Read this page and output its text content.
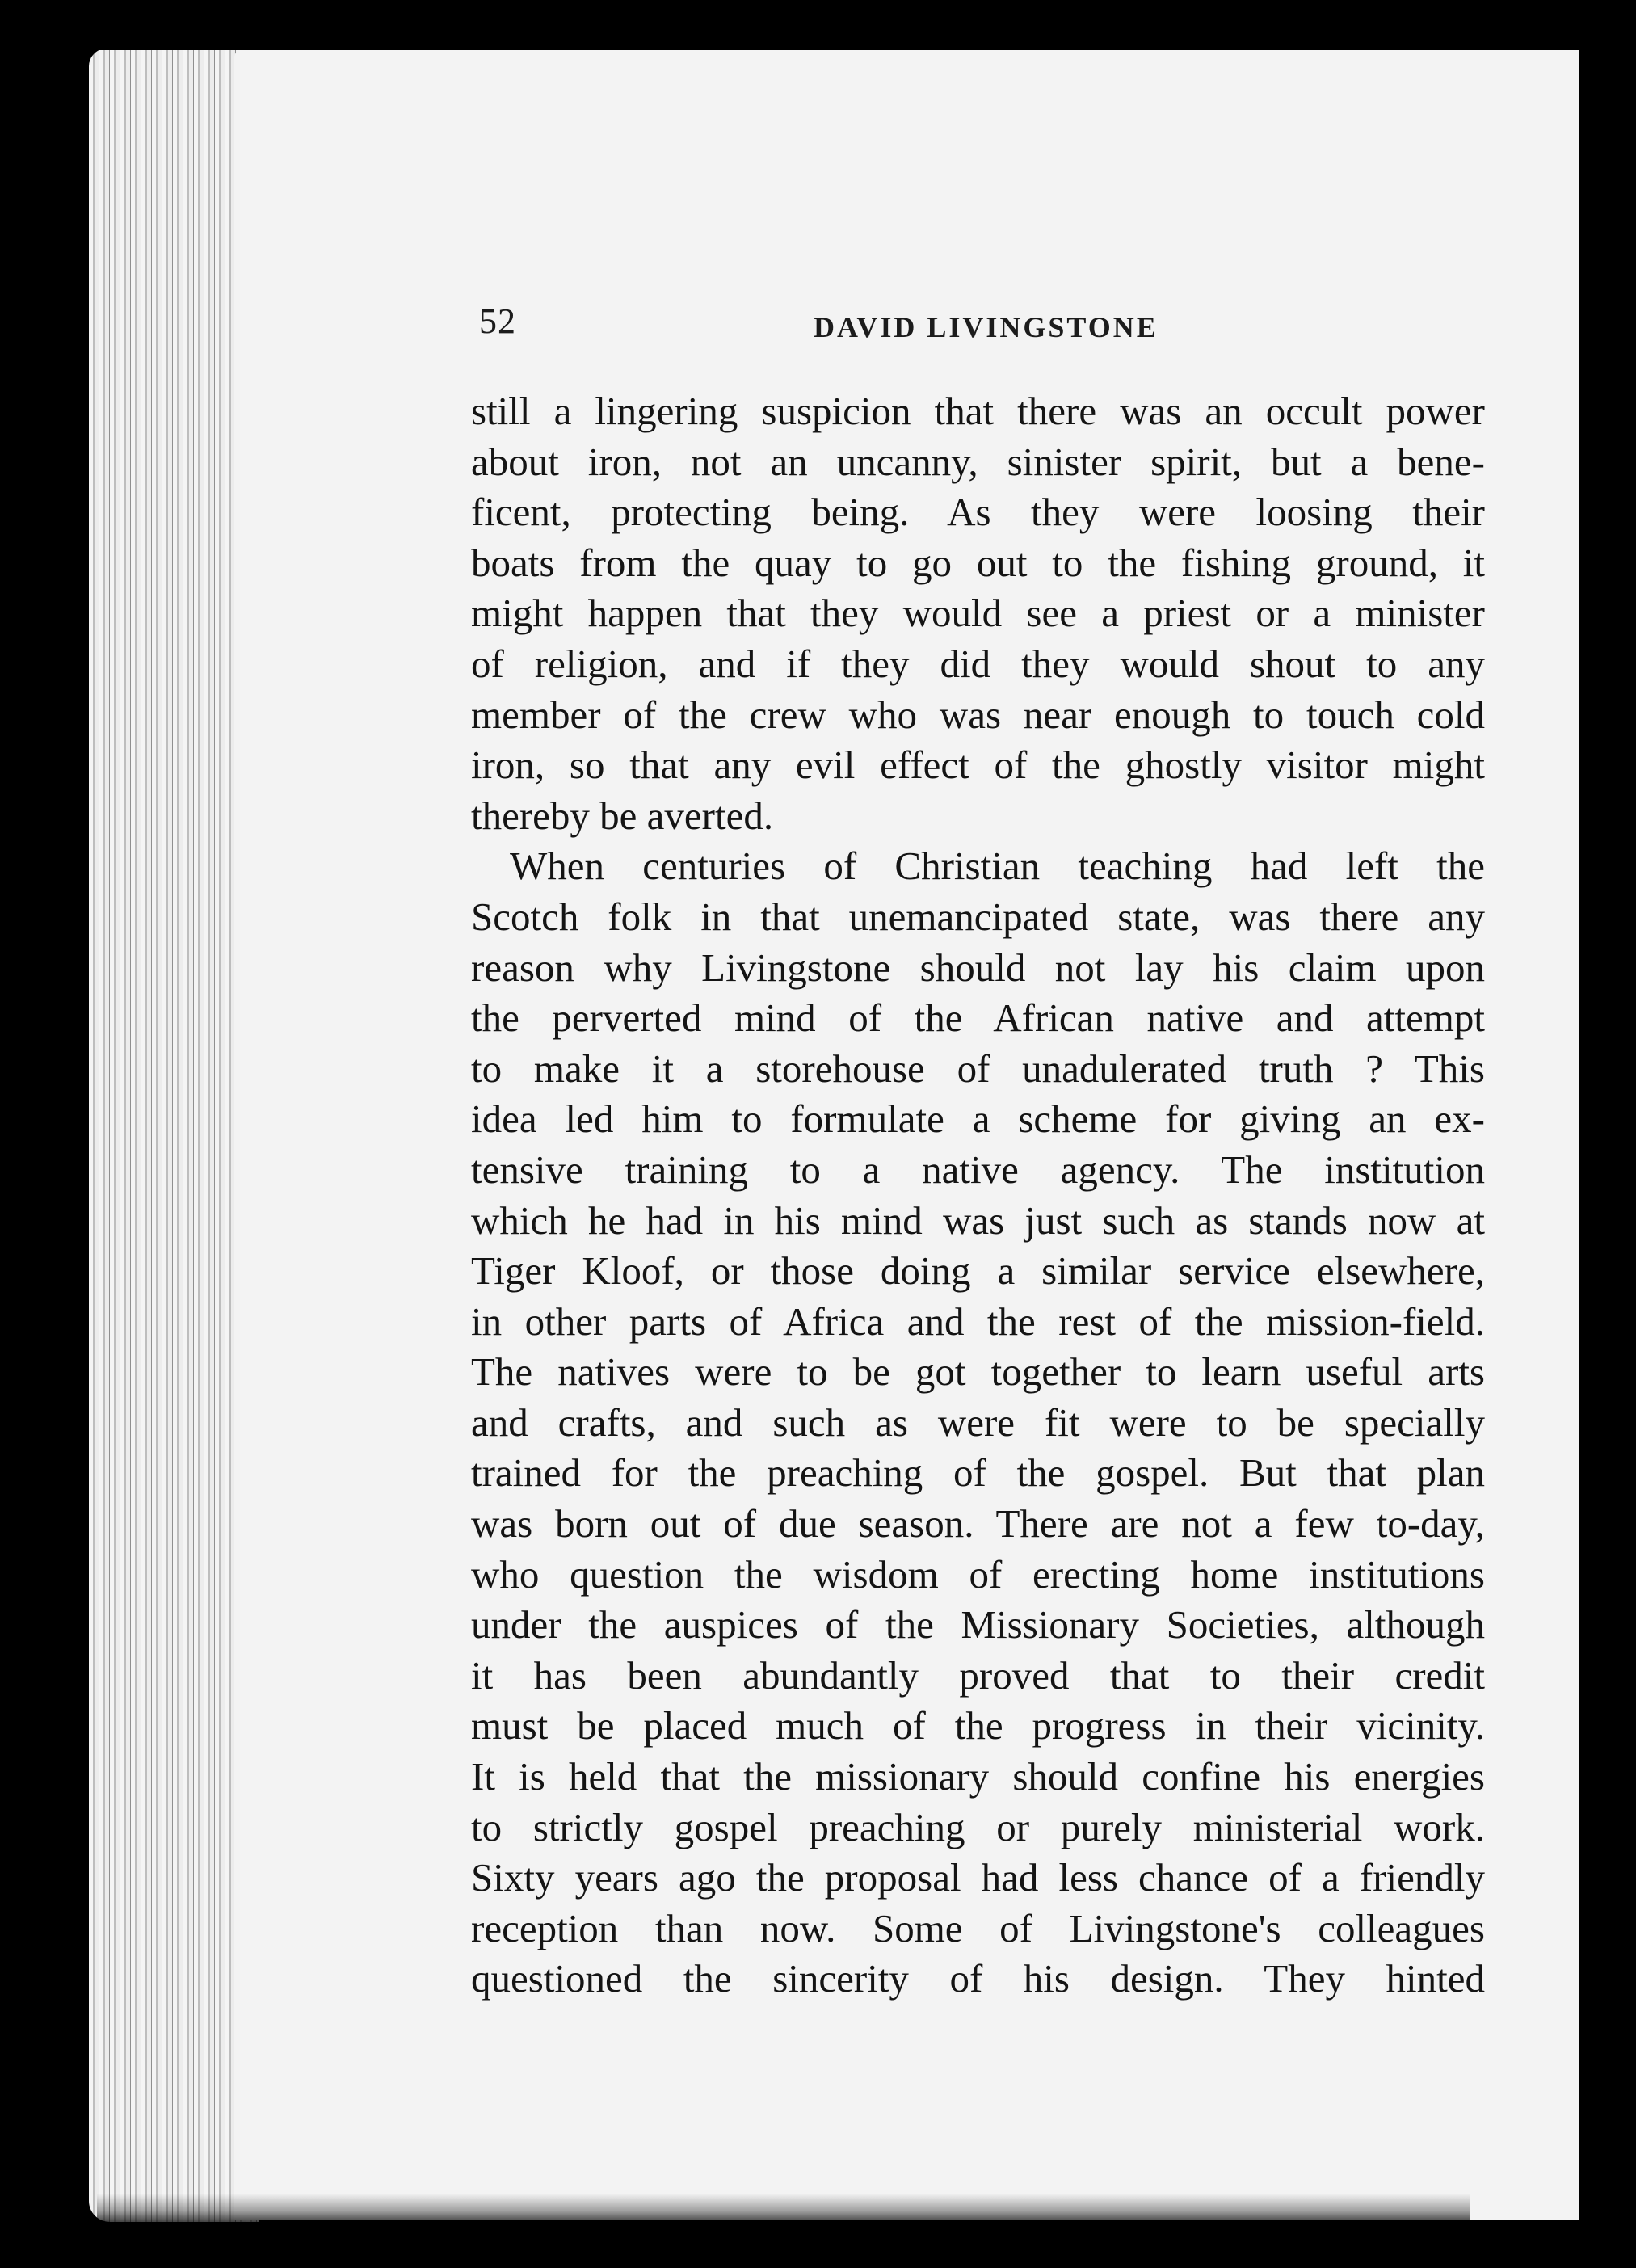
52	DAVID LIVINGSTONE
still a lingering suspicion that there was an occult power
about iron, not an uncanny, sinister spirit, but a bene-
ficent, protecting being. As they were loosing their
boats from the quay to go out to the fishing ground, it
might happen that they would see a priest or a minister
of religion, and if they did they would shout to any
member of the crew who was near enough to touch cold
iron, so that any evil effect of the ghostly visitor might
thereby be averted.
When centuries of Christian teaching had left the
Scotch folk in that unemancipated state, was there any
reason why Livingstone should not lay his claim upon
the perverted mind of the African native and attempt
to make it a storehouse of unadulerated truth ? This
idea led him to formulate a scheme for giving an ex-
tensive training to a native agency. The institution
which he had in his mind was just such as stands now at
Tiger Kloof, or those doing a similar service elsewhere,
in other parts of Africa and the rest of the mission-field.
The natives were to be got together to learn useful arts
and crafts, and such as were fit were to be specially
trained for the preaching of the gospel. But that plan
was born out of due season. There are not a few to-day,
who question the wisdom of erecting home institutions
under the auspices of the Missionary Societies, although
it has been abundantly proved that to their credit
must be placed much of the progress in their vicinity.
It is held that the missionary should confine his energies
to strictly gospel preaching or purely ministerial work.
Sixty years ago the proposal had less chance of a friendly
reception than now. Some of Livingstone's colleagues
questioned the sincerity of his design. They hinted
